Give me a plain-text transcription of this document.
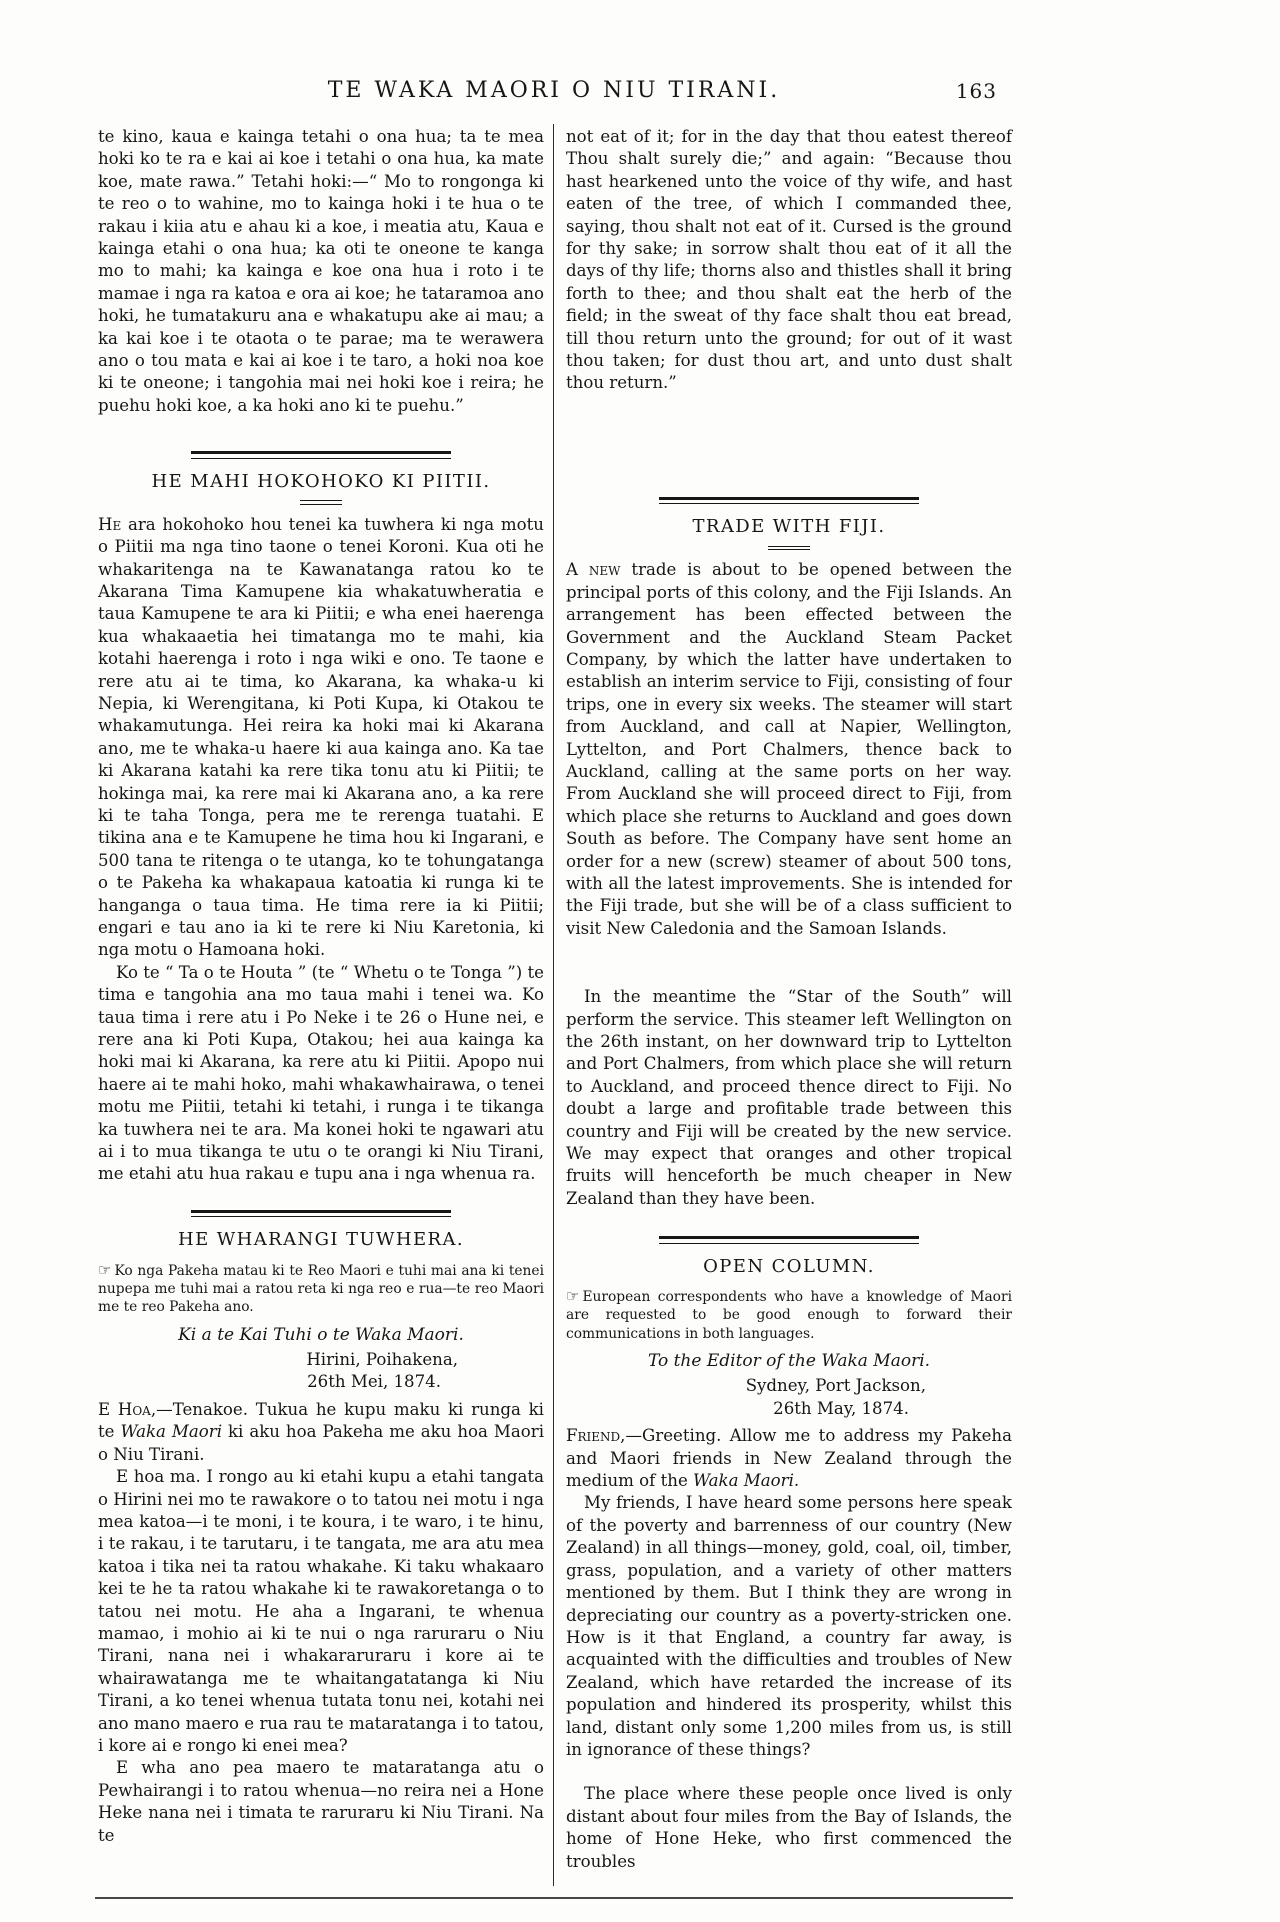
TE WAKA MAORI O NIU TIRANI.	163

te kino, kaua e kainga tetahi o ona hua; ta te mea hoki ko te ra e kai ai koe i tetahi o ona hua, ka mate koe, mate rawa.” Tetahi hoki:—“ Mo to rongonga ki te reo o to wahine, mo to kainga hoki i te hua o te rakau i kiia atu e ahau ki a koe, i meatia atu, Kaua e kainga etahi o ona hua; ka oti te oneone te kanga mo to mahi; ka kainga e koe ona hua i roto i te mamae i nga ra katoa e ora ai koe; he tataramoa ano hoki, he tumatakuru ana e whakatupu ake ai mau; a ka kai koe i te otaota o te parae; ma te werawera ano o tou mata e kai ai koe i te taro, a hoki noa koe ki te oneone; i tangohia mai nei hoki koe i reira; he puehu hoki koe, a ka hoki ano ki te puehu.”

HE MAHI HOKOHOKO KI PIITII.

He ara hokohoko hou tenei ka tuwhera ki nga motu o Piitii ma nga tino taone o tenei Koroni. Kua oti he whakaritenga na te Kawanatanga ratou ko te Akarana Tima Kamupene kia whakatuwheratia e taua Kamupene te ara ki Piitii; e wha enei haerenga kua whakaaetia hei timatanga mo te mahi, kia kotahi haerenga i roto i nga wiki e ono. Te taone e rere atu ai te tima, ko Akarana, ka whaka-u ki Nepia, ki Werengitana, ki Poti Kupa, ki Otakou te whakamutunga. Hei reira ka hoki mai ki Akarana ano, me te whaka-u haere ki aua kainga ano. Ka tae ki Akarana katahi ka rere tika tonu atu ki Piitii; te hokinga mai, ka rere mai ki Akarana ano, a ka rere ki te taha Tonga, pera me te rerenga tuatahi. E tikina ana e te Kamupene he tima hou ki Ingarani, e 500 tana te ritenga o te utanga, ko te tohungatanga o te Pakeha ka whakapaua katoatia ki runga ki te hanganga o taua tima. He tima rere ia ki Piitii; engari e tau ano ia ki te rere ki Niu Karetonia, ki nga motu o Hamoana hoki.

Ko te “ Ta o te Houta ” (te “ Whetu o te Tonga ”) te tima e tangohia ana mo taua mahi i tenei wa. Ko taua tima i rere atu i Po Neke i te 26 o Hune nei, e rere ana ki Poti Kupa, Otakou; hei aua kainga ka hoki mai ki Akarana, ka rere atu ki Piitii. Apopo nui haere ai te mahi hoko, mahi whakawhairawa, o tenei motu me Piitii, tetahi ki tetahi, i runga i te tikanga ka tuwhera nei te ara. Ma konei hoki te ngawari atu ai i to mua tikanga te utu o te orangi ki Niu Tirani, me etahi atu hua rakau e tupu ana i nga whenua ra.

HE WHARANGI TUWHERA.

☞ Ko nga Pakeha matau ki te Reo Maori e tuhi mai ana ki tenei nupepa me tuhi mai a ratou reta ki nga reo e rua—te reo Maori me te reo Pakeha ano.

Ki a te Kai Tuhi o te Waka Maori.

Hirini, Poihakena,

26th Mei, 1874.

E Hoa,—Tenakoe. Tukua he kupu maku ki runga ki te Waka Maori ki aku hoa Pakeha me aku hoa Maori o Niu Tirani.

E hoa ma. I rongo au ki etahi kupu a etahi tangata o Hirini nei mo te rawakore o to tatou nei motu i nga mea katoa—i te moni, i te koura, i te waro, i te hinu, i te rakau, i te tarutaru, i te tangata, me ara atu mea katoa i tika nei ta ratou whakahe. Ki taku whakaaro kei te he ta ratou whakahe ki te rawakoretanga o to tatou nei motu. He aha a Ingarani, te whenua mamao, i mohio ai ki te nui o nga raruraru o Niu Tirani, nana nei i whakararuraru i kore ai te whairawatanga me te whaitangatatanga ki Niu Tirani, a ko tenei whenua tutata tonu nei, kotahi nei ano mano maero e rua rau te mataratanga i to tatou, i kore ai e rongo ki enei mea?

E wha ano pea maero te mataratanga atu o Pewhairangi i to ratou whenua—no reira nei a Hone Heke nana nei i timata te raruraru ki Niu Tirani. Na te

not eat of it; for in the day that thou eatest thereof Thou shalt surely die;” and again: “Because thou hast hearkened unto the voice of thy wife, and hast eaten of the tree, of which I commanded thee, saying, thou shalt not eat of it. Cursed is the ground for thy sake; in sorrow shalt thou eat of it all the days of thy life; thorns also and thistles shall it bring forth to thee; and thou shalt eat the herb of the field; in the sweat of thy face shalt thou eat bread, till thou return unto the ground; for out of it wast thou taken; for dust thou art, and unto dust shalt thou return.”

TRADE WITH FIJI.

A new trade is about to be opened between the principal ports of this colony, and the Fiji Islands. An arrangement has been effected between the Government and the Auckland Steam Packet Company, by which the latter have undertaken to establish an interim service to Fiji, consisting of four trips, one in every six weeks. The steamer will start from Auckland, and call at Napier, Wellington, Lyttelton, and Port Chalmers, thence back to Auckland, calling at the same ports on her way. From Auckland she will proceed direct to Fiji, from which place she returns to Auckland and goes down South as before. The Company have sent home an order for a new (screw) steamer of about 500 tons, with all the latest improvements. She is intended for the Fiji trade, but she will be of a class sufficient to visit New Caledonia and the Samoan Islands.

In the meantime the “Star of the South” will perform the service. This steamer left Wellington on the 26th instant, on her downward trip to Lyttelton and Port Chalmers, from which place she will return to Auckland, and proceed thence direct to Fiji. No doubt a large and profitable trade between this country and Fiji will be created by the new service. We may expect that oranges and other tropical fruits will henceforth be much cheaper in New Zealand than they have been.

OPEN COLUMN.

☞ European correspondents who have a knowledge of Maori are requested to be good enough to forward their communications in both languages.

To the Editor of the Waka Maori.

Sydney, Port Jackson,

26th May, 1874.

Friend,—Greeting. Allow me to address my Pakeha and Maori friends in New Zealand through the medium of the Waka Maori.

My friends, I have heard some persons here speak of the poverty and barrenness of our country (New Zealand) in all things—money, gold, coal, oil, timber, grass, population, and a variety of other matters mentioned by them. But I think they are wrong in depreciating our country as a poverty-stricken one. How is it that England, a country far away, is acquainted with the difficulties and troubles of New Zealand, which have retarded the increase of its population and hindered its prosperity, whilst this land, distant only some 1,200 miles from us, is still in ignorance of these things?

The place where these people once lived is only distant about four miles from the Bay of Islands, the home of Hone Heke, who first commenced the troubles
